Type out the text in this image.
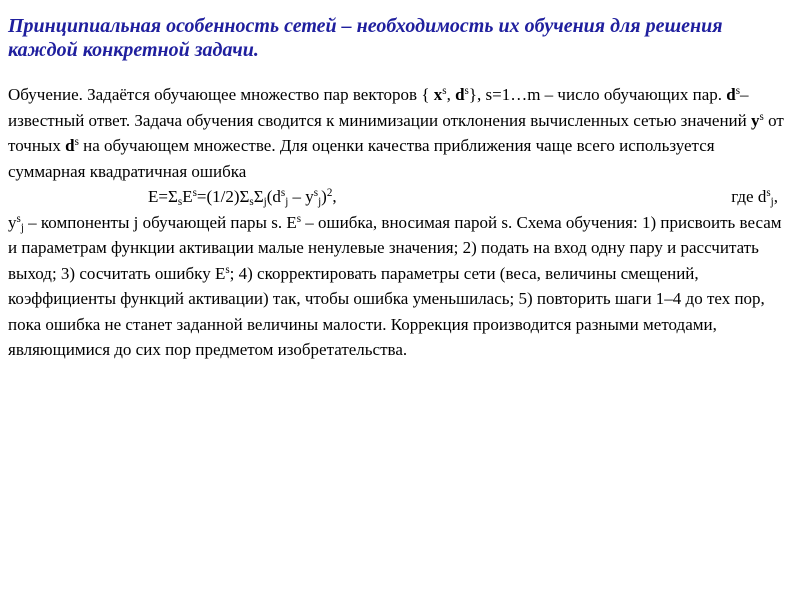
Принципиальная особенность сетей – необходимость их обучения для решения каждой конкретной задачи.

Обучение. Задаётся обучающее множество пар векторов { $x^s$, $d^s$}, s=1…m – число обучающих пар. $d^s$–известный ответ. Задача обучения сводится к минимизации отклонения вычисленных сетью значений $y^s$ от точных $d^s$ на обучающем множестве. Для оценки качества приближения чаще всего используется суммарная квадратичная ошибка

$E=\Sigma_sE^s=(1/2)\Sigma_s\Sigma_j(d^s_j - y^s_j)^2$,	где $d^s_j$,

$y^s_j$ – компоненты j обучающей пары s. $E^s$ – ошибка, вносимая парой s. Схема обучения: 1) присвоить весам и параметрам функции активации малые ненулевые значения; 2) подать на вход одну пару и рассчитать выход; 3) сосчитать ошибку $E^s$; 4) скорректировать параметры сети (веса, величины смещений, коэффициенты функций активации) так, чтобы ошибка уменьшилась; 5) повторить шаги 1–4 до тех пор, пока ошибка не станет заданной величины малости. Коррекция производится разными методами, являющимися до сих пор предметом изобретательства.
